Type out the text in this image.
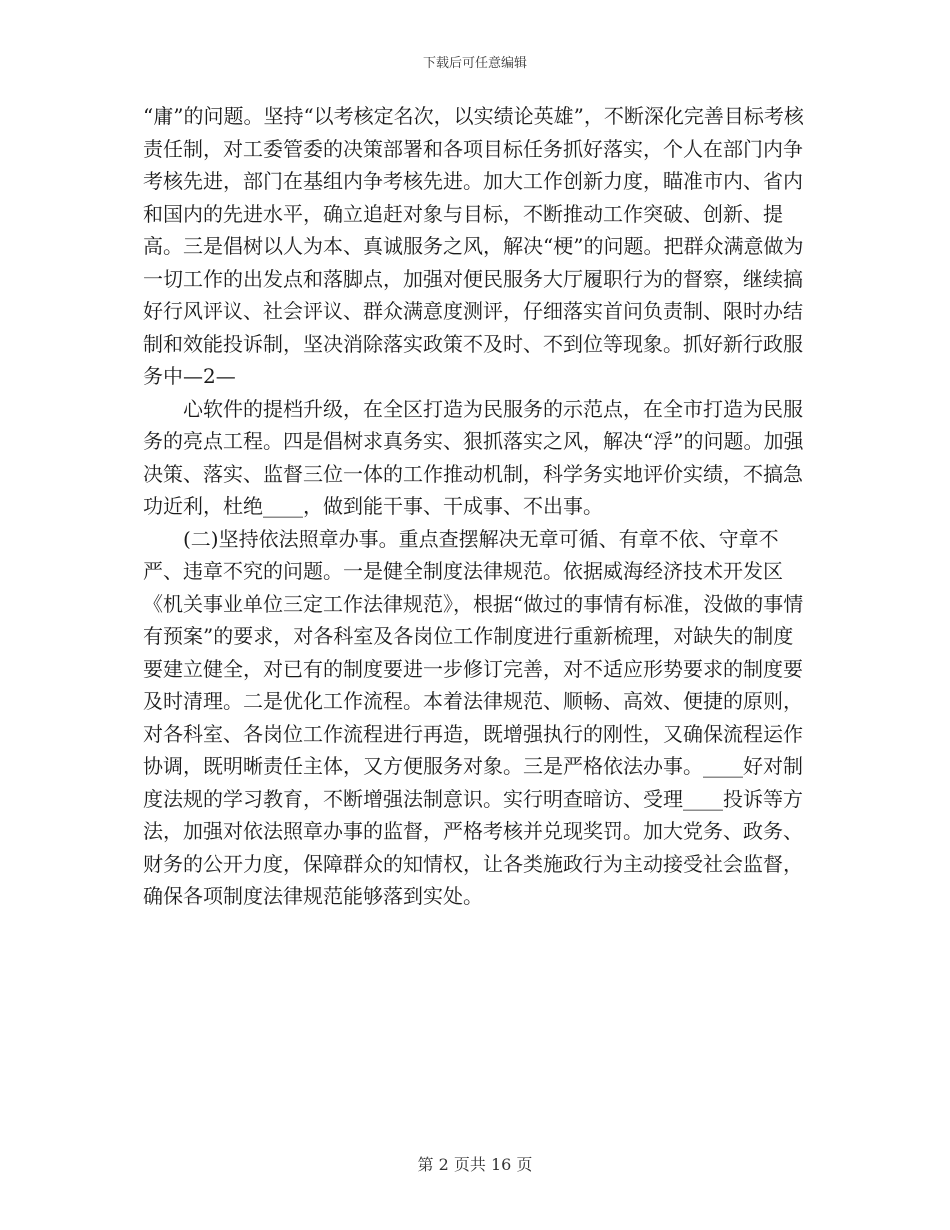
下载后可任意编辑

“庸”的问题。坚持“以考核定名次，以实绩论英雄”，不断深化完善目标考核责任制，对工委管委的决策部署和各项目标任务抓好落实，个人在部门内争考核先进，部门在基组内争考核先进。加大工作创新力度，瞄准市内、省内和国内的先进水平，确立追赶对象与目标，不断推动工作突破、创新、提高。三是倡树以人为本、真诚服务之风，解决“梗”的问题。把群众满意做为一切工作的出发点和落脚点，加强对便民服务大厅履职行为的督察，继续搞好行风评议、社会评议、群众满意度测评，仔细落实首问负责制、限时办结制和效能投诉制，坚决消除落实政策不及时、不到位等现象。抓好新行政服务中—2—

心软件的提档升级，在全区打造为民服务的示范点，在全市打造为民服务的亮点工程。四是倡树求真务实、狠抓落实之风，解决“浮”的问题。加强决策、落实、监督三位一体的工作推动机制，科学务实地评价实绩，不搞急功近利，杜绝____，做到能干事、干成事、不出事。

(二)坚持依法照章办事。重点查摆解决无章可循、有章不依、守章不严、违章不究的问题。一是健全制度法律规范。依据威海经济技术开发区《机关事业单位三定工作法律规范》，根据“做过的事情有标准，没做的事情有预案”的要求，对各科室及各岗位工作制度进行重新梳理，对缺失的制度要建立健全，对已有的制度要进一步修订完善，对不适应形势要求的制度要及时清理。二是优化工作流程。本着法律规范、顺畅、高效、便捷的原则，对各科室、各岗位工作流程进行再造，既增强执行的刚性，又确保流程运作协调，既明晰责任主体，又方便服务对象。三是严格依法办事。____好对制度法规的学习教育，不断增强法制意识。实行明查暗访、受理____投诉等方法，加强对依法照章办事的监督，严格考核并兑现奖罚。加大党务、政务、财务的公开力度，保障群众的知情权，让各类施政行为主动接受社会监督，确保各项制度法律规范能够落到实处。

第 2 页共 16 页
